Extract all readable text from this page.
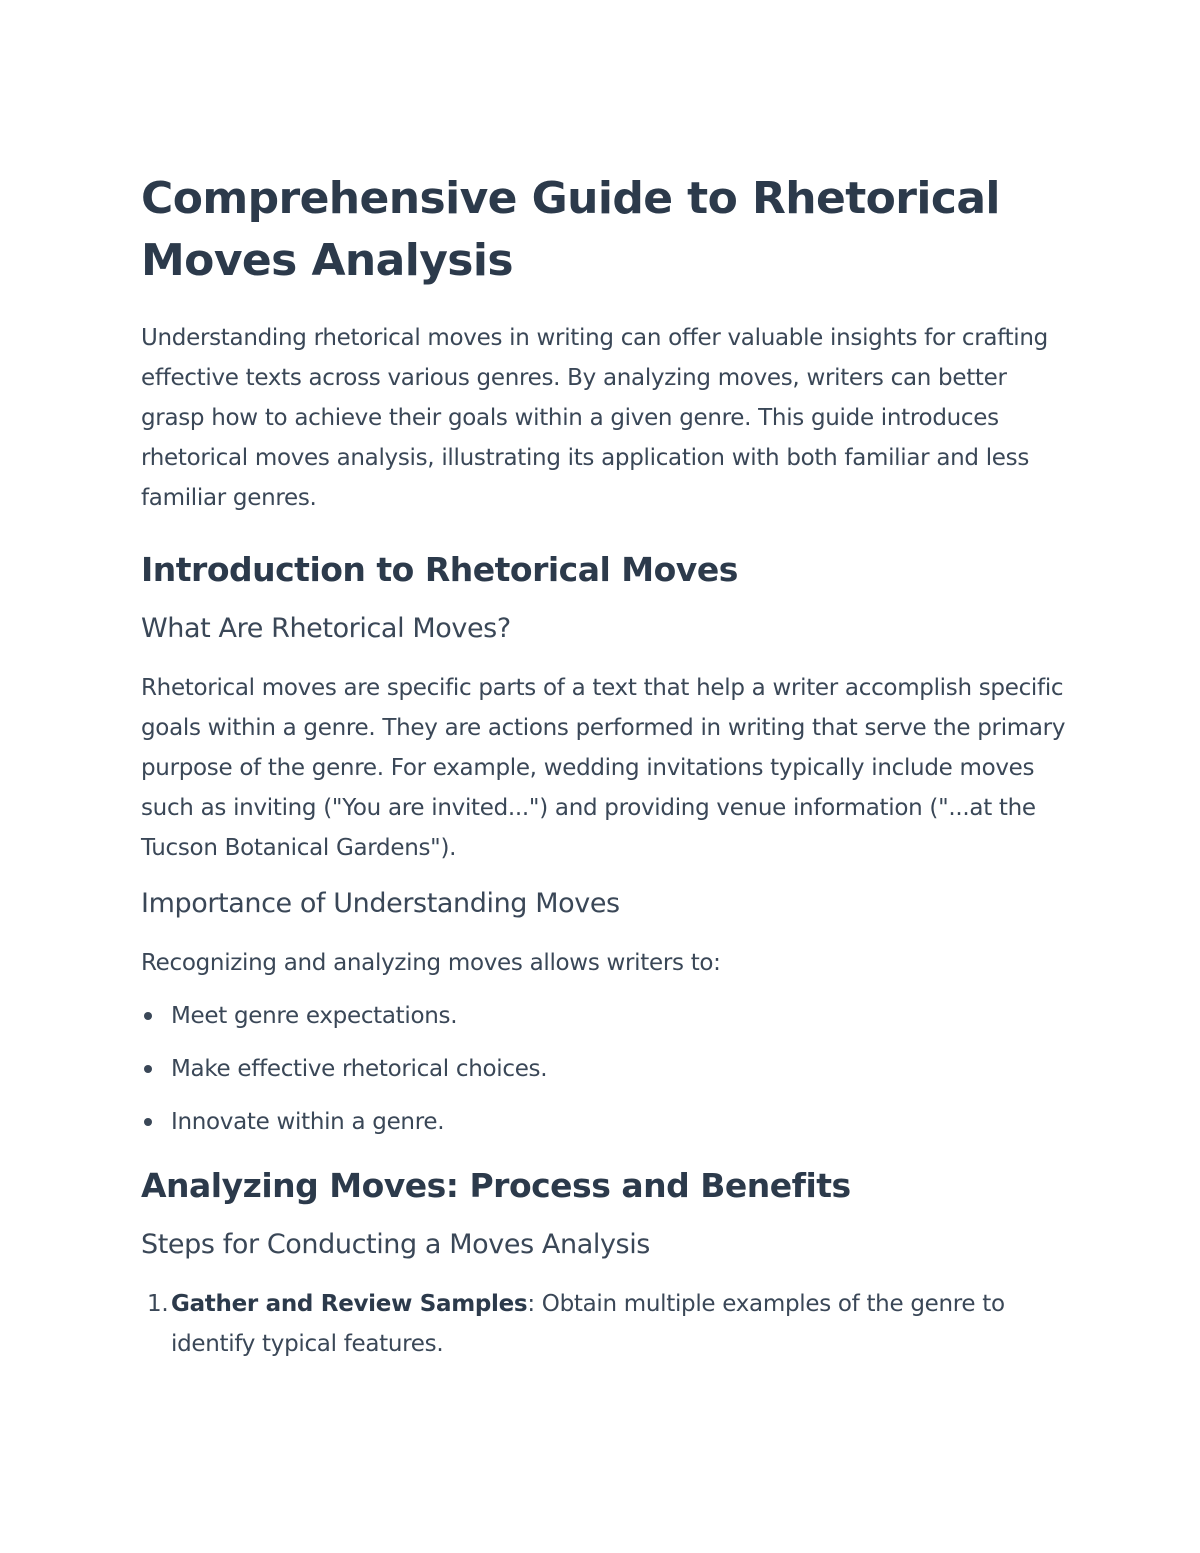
Comprehensive Guide to Rhetorical Moves Analysis

Understanding rhetorical moves in writing can offer valuable insights for crafting effective texts across various genres. By analyzing moves, writers can better grasp how to achieve their goals within a given genre. This guide introduces rhetorical moves analysis, illustrating its application with both familiar and less familiar genres.

Introduction to Rhetorical Moves
What Are Rhetorical Moves?

Rhetorical moves are specific parts of a text that help a writer accomplish specific goals within a genre. They are actions performed in writing that serve the primary purpose of the genre. For example, wedding invitations typically include moves such as inviting ("You are invited...") and providing venue information ("...at the Tucson Botanical Gardens").

Importance of Understanding Moves

Recognizing and analyzing moves allows writers to:

Meet genre expectations.
Make effective rhetorical choices.
Innovate within a genre.
Analyzing Moves: Process and Benefits
Steps for Conducting a Moves Analysis
1. Gather and Review Samples: Obtain multiple examples of the genre to identify typical features.
